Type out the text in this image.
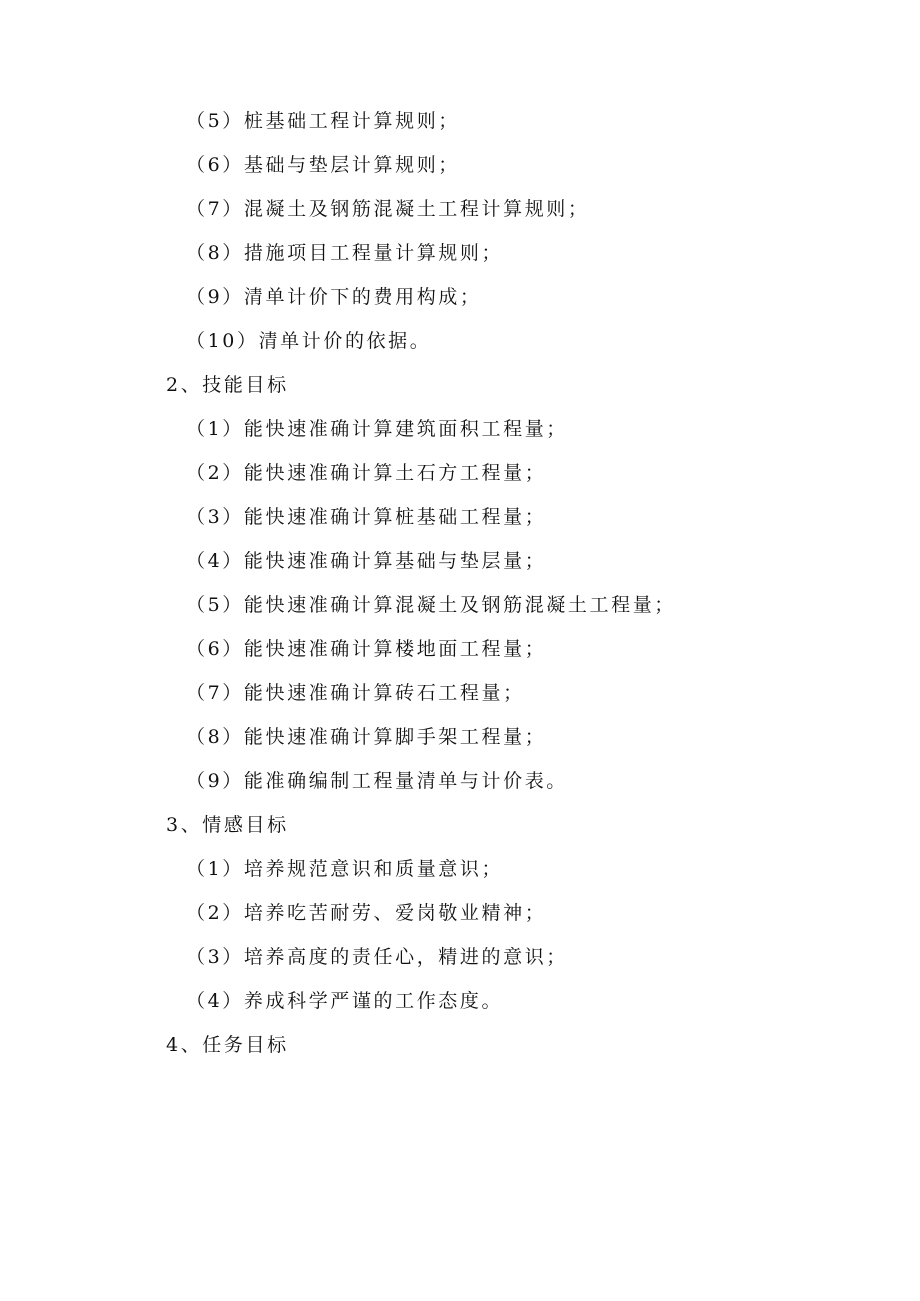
（5）桩基础工程计算规则；
（6）基础与垫层计算规则；
（7）混凝土及钢筋混凝土工程计算规则；
（8）措施项目工程量计算规则；
（9）清单计价下的费用构成；
（10）清单计价的依据。
2、技能目标
（1）能快速准确计算建筑面积工程量；
（2）能快速准确计算土石方工程量；
（3）能快速准确计算桩基础工程量；
（4）能快速准确计算基础与垫层量；
（5）能快速准确计算混凝土及钢筋混凝土工程量；
（6）能快速准确计算楼地面工程量；
（7）能快速准确计算砖石工程量；
（8）能快速准确计算脚手架工程量；
（9）能准确编制工程量清单与计价表。
3、情感目标
（1）培养规范意识和质量意识；
（2）培养吃苦耐劳、爱岗敬业精神；
（3）培养高度的责任心，精进的意识；
（4）养成科学严谨的工作态度。
4、任务目标
